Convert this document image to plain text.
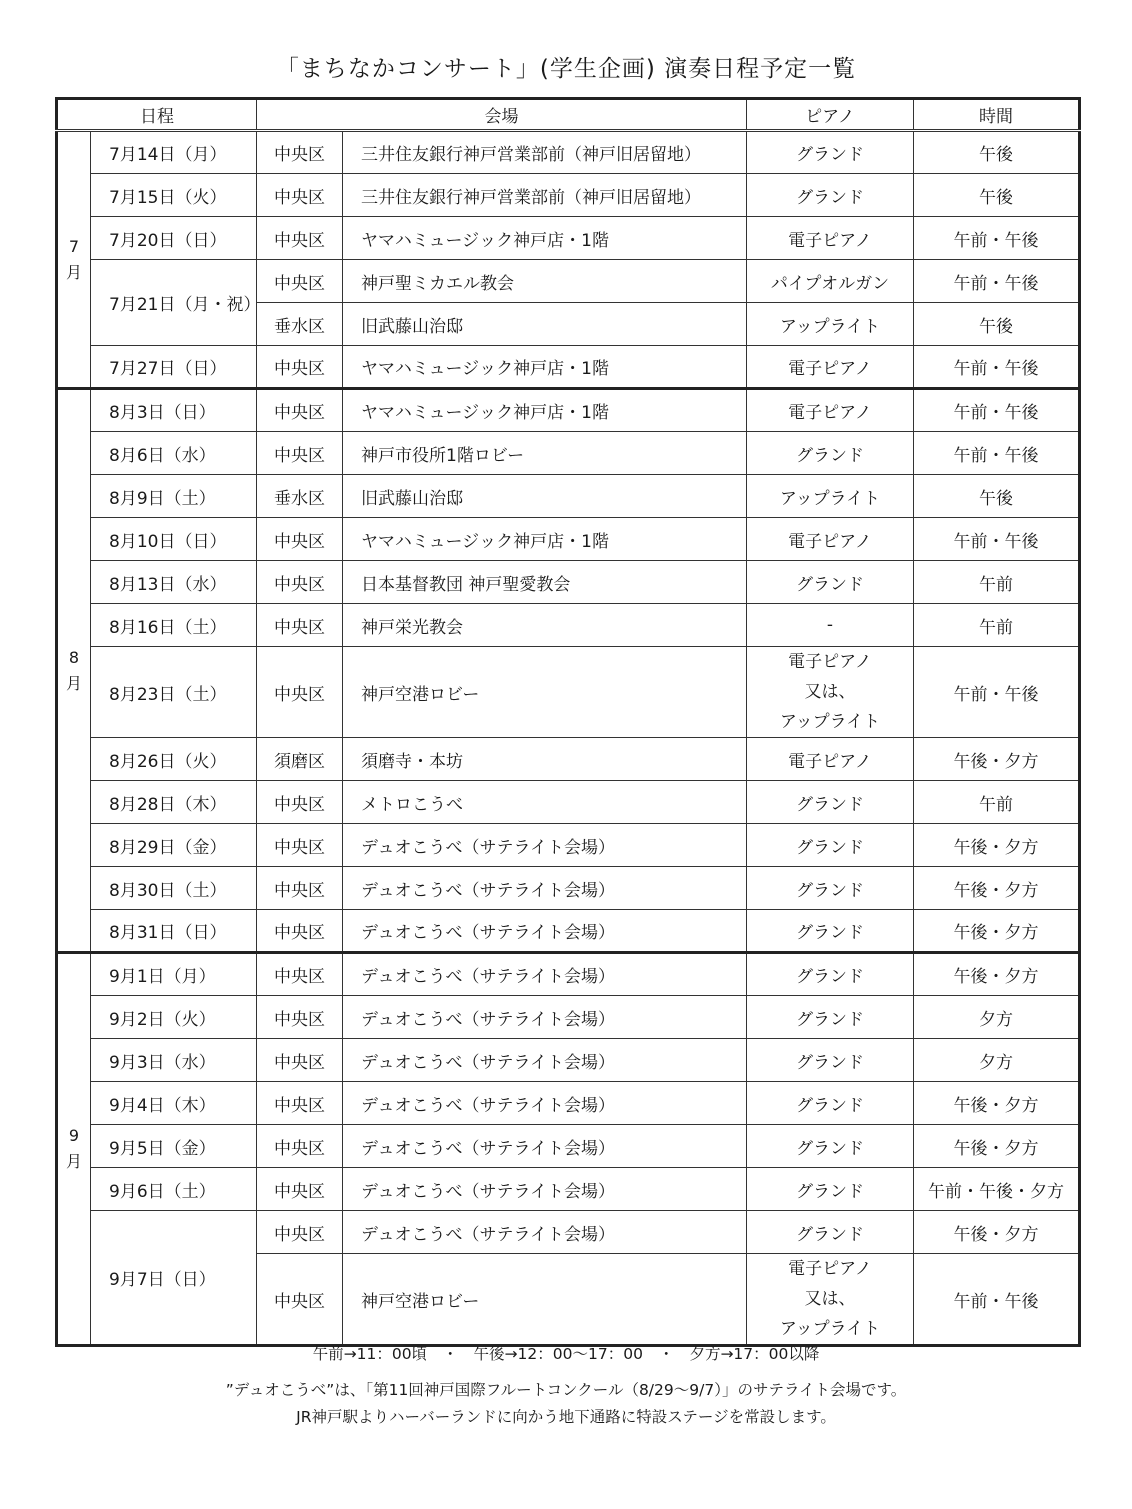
「まちなかコンサート」(学生企画) 演奏日程予定一覧
日程		会場		ピアノ	時間

7
月	7月14日（月）	中央区	三井住友銀行神戸営業部前（神戸旧居留地）	グランド	午後
	7月15日（火）	中央区	三井住友銀行神戸営業部前（神戸旧居留地）	グランド	午後
	7月20日（日）	中央区	ヤマハミュージック神戸店・1階	電子ピアノ	午前・午後
	7月21日（月・祝）	中央区	神戸聖ミカエル教会	パイプオルガン	午前・午後
		垂水区	旧武藤山治邸	アップライト	午後
	7月27日（日）	中央区	ヤマハミュージック神戸店・1階	電子ピアノ	午前・午後

8
月	8月3日（日）	中央区	ヤマハミュージック神戸店・1階	電子ピアノ	午前・午後
	8月6日（水）	中央区	神戸市役所1階ロビー	グランド	午前・午後
	8月9日（土）	垂水区	旧武藤山治邸	アップライト	午後
	8月10日（日）	中央区	ヤマハミュージック神戸店・1階	電子ピアノ	午前・午後
	8月13日（水）	中央区	日本基督教団 神戸聖愛教会	グランド	午前
	8月16日（土）	中央区	神戸栄光教会	-	午前
	8月23日（土）	中央区	神戸空港ロビー	電子ピアノ
又は、
アップライト	午前・午後
	8月26日（火）	須磨区	須磨寺・本坊	電子ピアノ	午後・夕方
	8月28日（木）	中央区	メトロこうべ	グランド	午前
	8月29日（金）	中央区	デュオこうべ（サテライト会場）	グランド	午後・夕方
	8月30日（土）	中央区	デュオこうべ（サテライト会場）	グランド	午後・夕方
	8月31日（日）	中央区	デュオこうべ（サテライト会場）	グランド	午後・夕方

9
月	9月1日（月）	中央区	デュオこうべ（サテライト会場）	グランド	午後・夕方
	9月2日（火）	中央区	デュオこうべ（サテライト会場）	グランド	夕方
	9月3日（水）	中央区	デュオこうべ（サテライト会場）	グランド	夕方
	9月4日（木）	中央区	デュオこうべ（サテライト会場）	グランド	午後・夕方
	9月5日（金）	中央区	デュオこうべ（サテライト会場）	グランド	午後・夕方
	9月6日（土）	中央区	デュオこうべ（サテライト会場）	グランド	午前・午後・夕方
	9月7日（日）	中央区	デュオこうべ（サテライト会場）	グランド	午後・夕方
		中央区	神戸空港ロビー	電子ピアノ
又は、
アップライト	午前・午後
午前→11：00頃　・　午後→12：00〜17：00　・　夕方→17：00以降
”デュオこうべ”は、「第11回神戸国際フルートコンクール（8/29〜9/7）」のサテライト会場です。
JR神戸駅よりハーバーランドに向かう地下通路に特設ステージを常設します。
